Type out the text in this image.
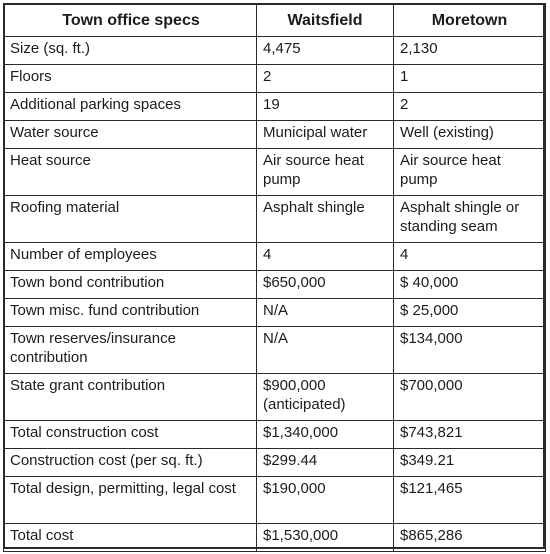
Town office specs	Waitsfield	Moretown
Size (sq. ft.)	4,475	2,130
Floors	2	1
Additional parking spaces	19	2
Water source	Municipal water	Well (existing)
Heat source	Air source heat pump	Air source heat pump
Roofing material	Asphalt shingle	Asphalt shingle or standing seam
Number of employees	4	4
Town bond contribution	$650,000	$ 40,000
Town misc. fund contribution	N/A	$ 25,000
Town reserves/insurance contribution	N/A	$134,000
State grant contribution	$900,000 (anticipated)	$700,000
Total construction cost	$1,340,000	$743,821
Construction cost (per sq. ft.)	$299.44	$349.21
Total design, permitting, legal cost	$190,000	$121,465
Total cost	$1,530,000	$865,286
